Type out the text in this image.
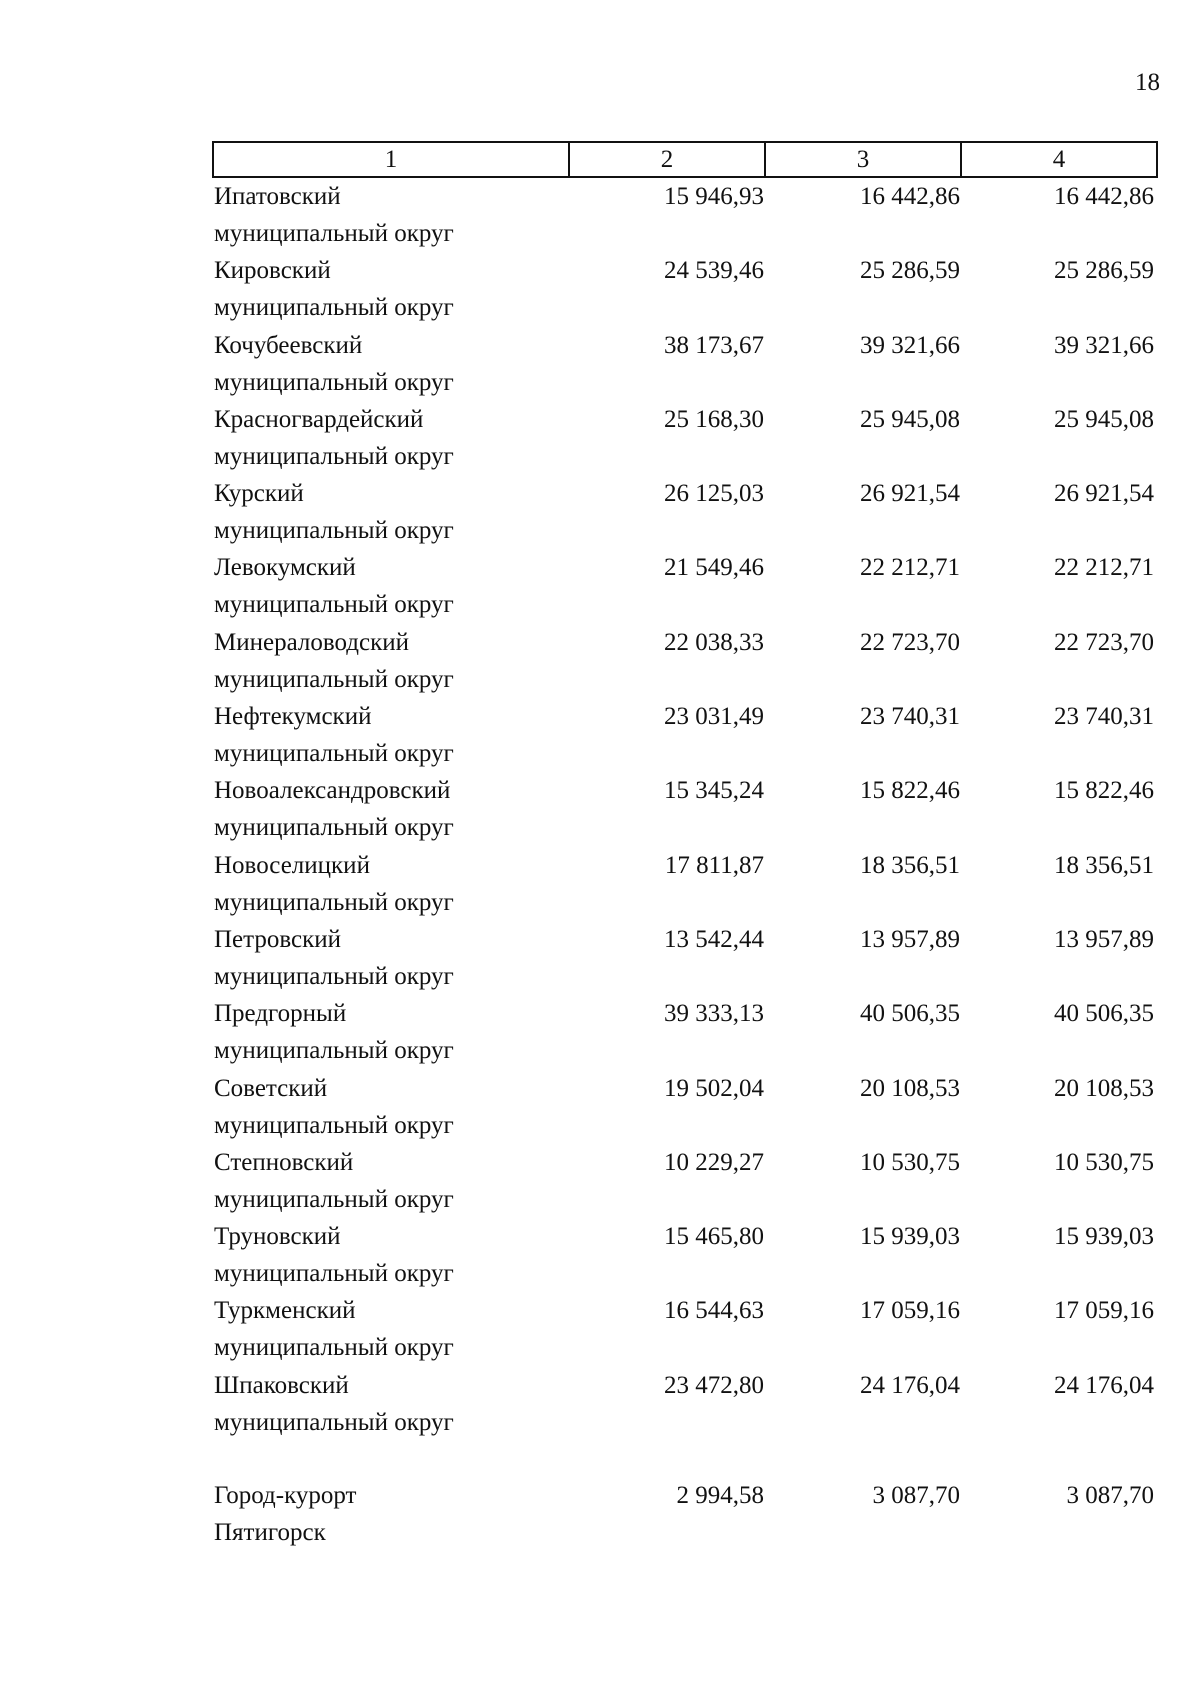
18
1	2	3	4
Ипатовский
муниципальный округ
15 946,93	16 442,86	16 442,86
Кировский
муниципальный округ
24 539,46	25 286,59	25 286,59
Кочубеевский
муниципальный округ
38 173,67	39 321,66	39 321,66
Красногвардейский
муниципальный округ
25 168,30	25 945,08	25 945,08
Курский
муниципальный округ
26 125,03	26 921,54	26 921,54
Левокумский
муниципальный округ
21 549,46	22 212,71	22 212,71
Минераловодский
муниципальный округ
22 038,33	22 723,70	22 723,70
Нефтекумский
муниципальный округ
23 031,49	23 740,31	23 740,31
Новоалександровский
муниципальный округ
15 345,24	15 822,46	15 822,46
Новоселицкий
муниципальный округ
17 811,87	18 356,51	18 356,51
Петровский
муниципальный округ
13 542,44	13 957,89	13 957,89
Предгорный
муниципальный округ
39 333,13	40 506,35	40 506,35
Советский
муниципальный округ
19 502,04	20 108,53	20 108,53
Степновский
муниципальный округ
10 229,27	10 530,75	10 530,75
Труновский
муниципальный округ
15 465,80	15 939,03	15 939,03
Туркменский
муниципальный округ
16 544,63	17 059,16	17 059,16
Шпаковский
муниципальный округ
23 472,80	24 176,04	24 176,04
Город-курорт
Пятигорск
2 994,58	3 087,70	3 087,70
